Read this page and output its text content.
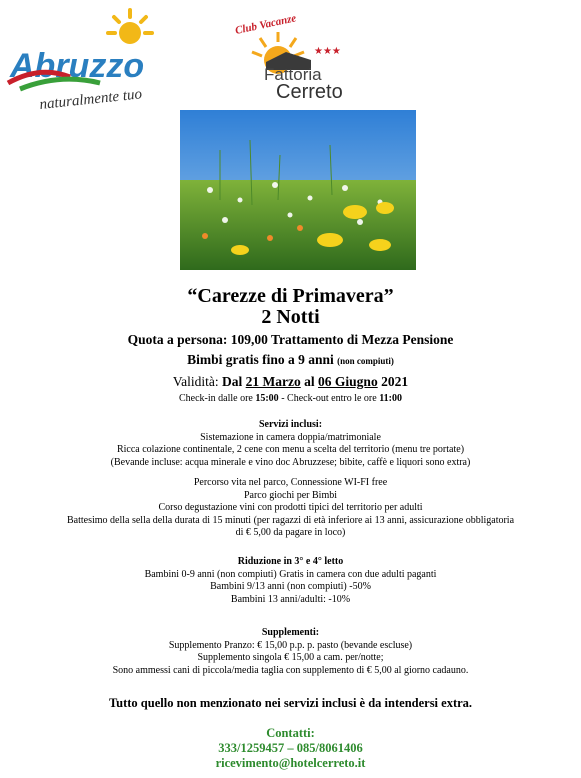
Abruzzo
naturalmente tuo
Club Vacanze
★★★
Fattoria
Cerreto
“Carezze di Primavera”
2 Notti
Quota a persona: 109,00 Trattamento di Mezza Pensione
Bimbi gratis fino a 9 anni (non compiuti)
Validità: Dal 21 Marzo al 06 Giugno 2021
Check-in dalle ore 15:00 - Check-out entro le ore 11:00
Servizi inclusi:
Sistemazione in camera doppia/matrimoniale
Ricca colazione continentale, 2 cene con menu a scelta del territorio (menu tre portate)
(Bevande incluse: acqua minerale e vino doc Abruzzese; bibite, caffè e liquori sono extra)
Percorso vita nel parco, Connessione WI-FI free
Parco giochi per Bimbi
Corso degustazione vini con prodotti tipici del territorio per adulti
Battesimo della sella della durata di 15 minuti (per ragazzi di età inferiore ai 13 anni, assicurazione obbligatoria
di € 5,00 da pagare in loco)
Riduzione in 3° e 4° letto
Bambini 0-9 anni (non compiuti) Gratis in camera con due adulti paganti
Bambini 9/13 anni (non compiuti) -50%
Bambini 13 anni/adulti: -10%
Supplementi:
Supplemento Pranzo: € 15,00 p.p. p. pasto (bevande escluse)
Supplemento singola € 15,00 a cam. per/notte;
Sono ammessi cani di piccola/media taglia con supplemento di € 5,00 al giorno cadauno.
Tutto quello non menzionato nei servizi inclusi è da intendersi extra.
Contatti:
333/1259457 – 085/8061406
ricevimento@hotelcerreto.it
